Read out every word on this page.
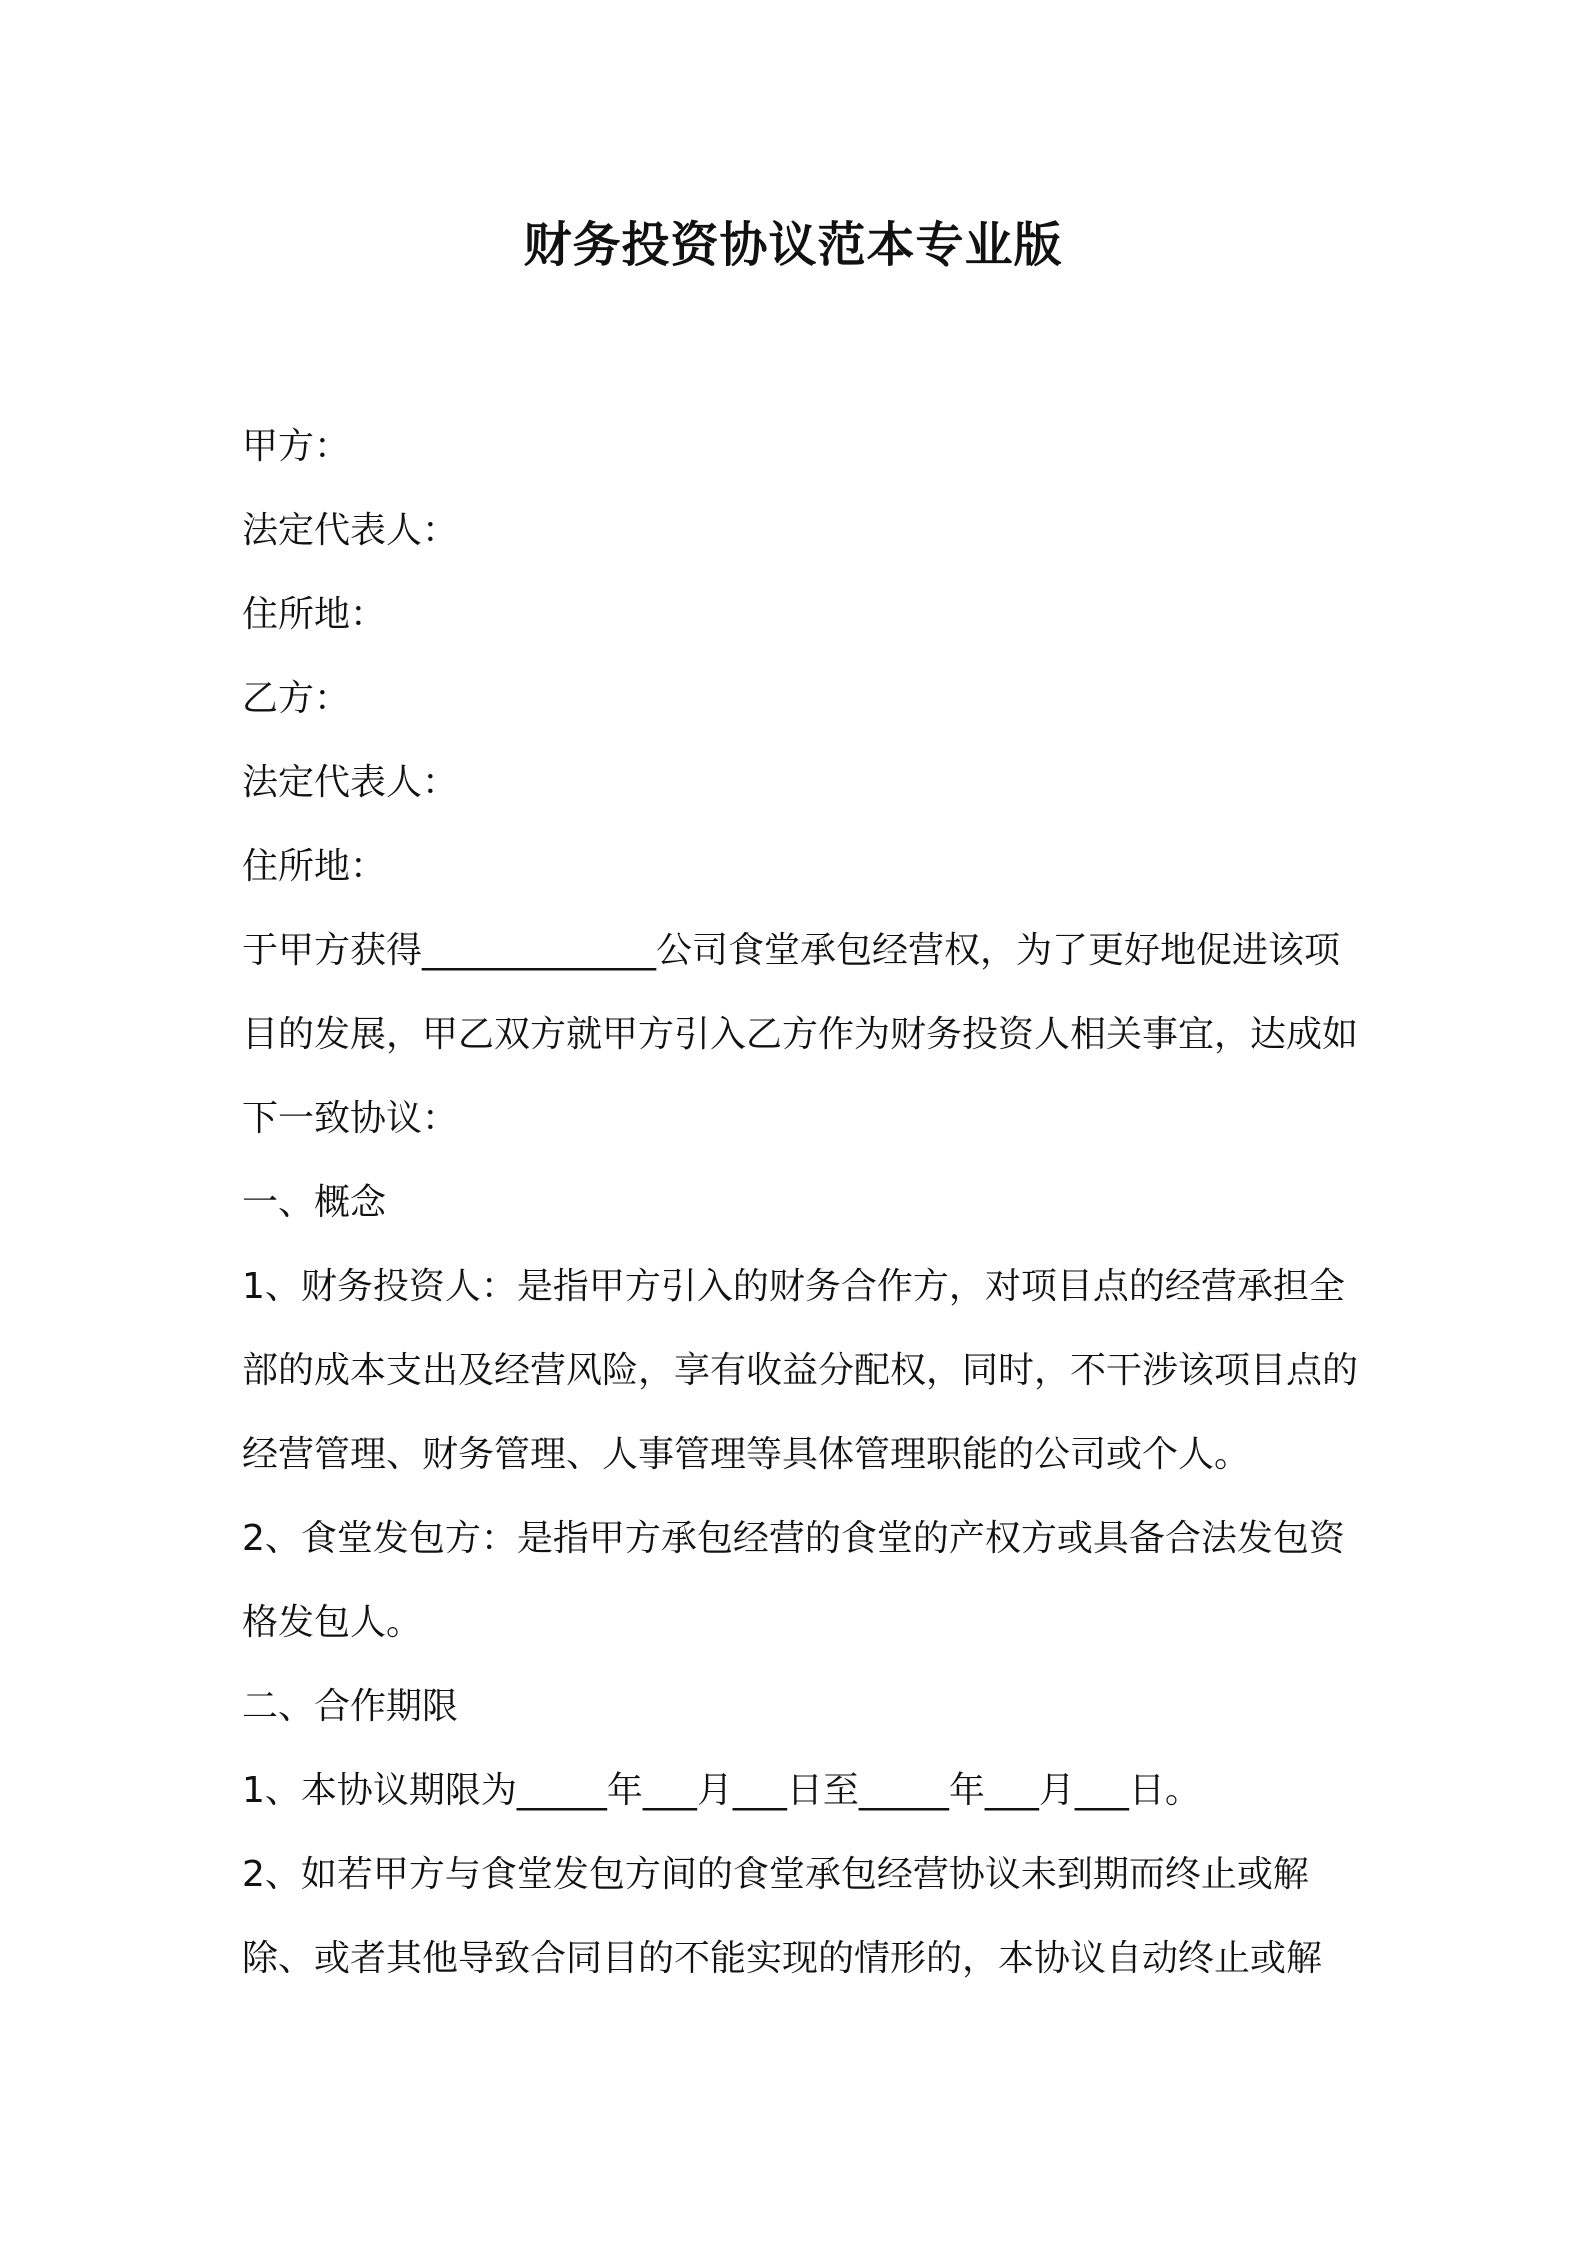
财务投资协议范本专业版

甲方：

法定代表人：

住所地：

乙方：

法定代表人：

住所地：

于甲方获得_____________公司食堂承包经营权，为了更好地促进该项目的发展，甲乙双方就甲方引入乙方作为财务投资人相关事宜，达成如下一致协议：

一、概念

1、财务投资人：是指甲方引入的财务合作方，对项目点的经营承担全部的成本支出及经营风险，享有收益分配权，同时，不干涉该项目点的经营管理、财务管理、人事管理等具体管理职能的公司或个人。

2、食堂发包方：是指甲方承包经营的食堂的产权方或具备合法发包资格发包人。

二、合作期限

1、本协议期限为_____年___月___日至_____年___月___日。

2、如若甲方与食堂发包方间的食堂承包经营协议未到期而终止或解除、或者其他导致合同目的不能实现的情形的，本协议自动终止或解
